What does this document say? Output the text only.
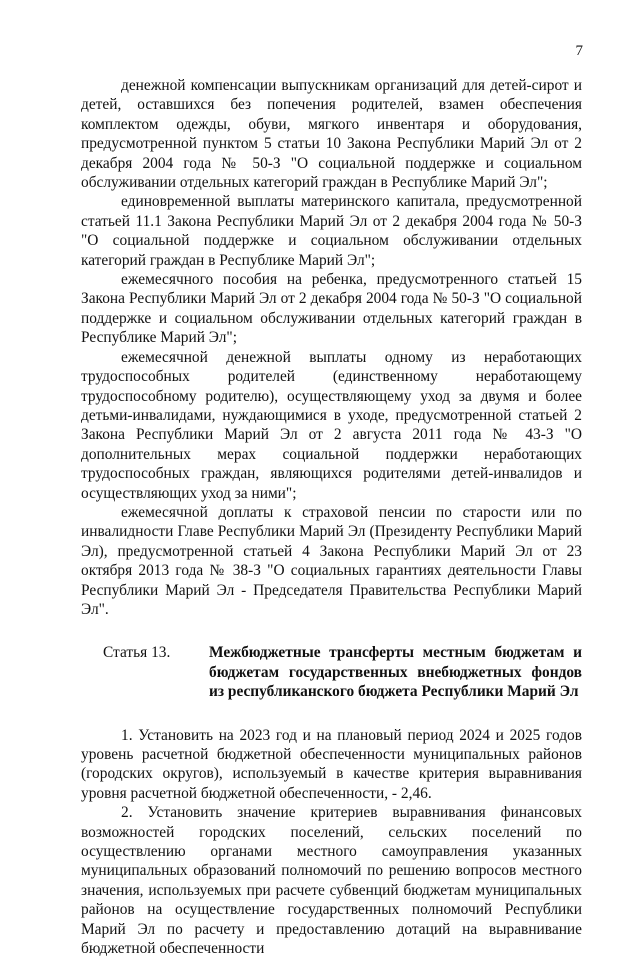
7

денежной компенсации выпускникам организаций для детей-сирот и детей, оставшихся без попечения родителей, взамен обеспечения комплектом одежды, обуви, мягкого инвентаря и оборудования, предусмотренной пунктом 5 статьи 10 Закона Республики Марий Эл от 2 декабря 2004 года № 50-З "О социальной поддержке и социальном обслуживании отдельных категорий граждан в Республике Марий Эл";

единовременной выплаты материнского капитала, предусмотренной статьей 11.1 Закона Республики Марий Эл от 2 декабря 2004 года № 50-З "О социальной поддержке и социальном обслуживании отдельных категорий граждан в Республике Марий Эл";

ежемесячного пособия на ребенка, предусмотренного статьей 15 Закона Республики Марий Эл от 2 декабря 2004 года № 50-З "О социальной поддержке и социальном обслуживании отдельных категорий граждан в Республике Марий Эл";

ежемесячной денежной выплаты одному из неработающих трудоспособных родителей (единственному неработающему трудоспособному родителю), осуществляющему уход за двумя и более детьми-инвалидами, нуждающимися в уходе, предусмотренной статьей 2 Закона Республики Марий Эл от 2 августа 2011 года № 43-З "О дополнительных мерах социальной поддержки неработающих трудоспособных граждан, являющихся родителями детей-инвалидов и осуществляющих уход за ними";

ежемесячной доплаты к страховой пенсии по старости или по инвалидности Главе Республики Марий Эл (Президенту Республики Марий Эл), предусмотренной статьей 4 Закона Республики Марий Эл от 23 октября 2013 года № 38-З "О социальных гарантиях деятельности Главы Республики Марий Эл - Председателя Правительства Республики Марий Эл".

Статья 13.	Межбюджетные трансферты местным бюджетам и бюджетам государственных внебюджетных фондов из республиканского бюджета Республики Марий Эл

1. Установить на 2023 год и на плановый период 2024 и 2025 годов уровень расчетной бюджетной обеспеченности муниципальных районов (городских округов), используемый в качестве критерия выравнивания уровня расчетной бюджетной обеспеченности, - 2,46.

2. Установить значение критериев выравнивания финансовых возможностей городских поселений, сельских поселений по осуществлению органами местного самоуправления указанных муниципальных образований полномочий по решению вопросов местного значения, используемых при расчете субвенций бюджетам муниципальных районов на осуществление государственных полномочий Республики Марий Эл по расчету и предоставлению дотаций на выравнивание бюджетной обеспеченности
